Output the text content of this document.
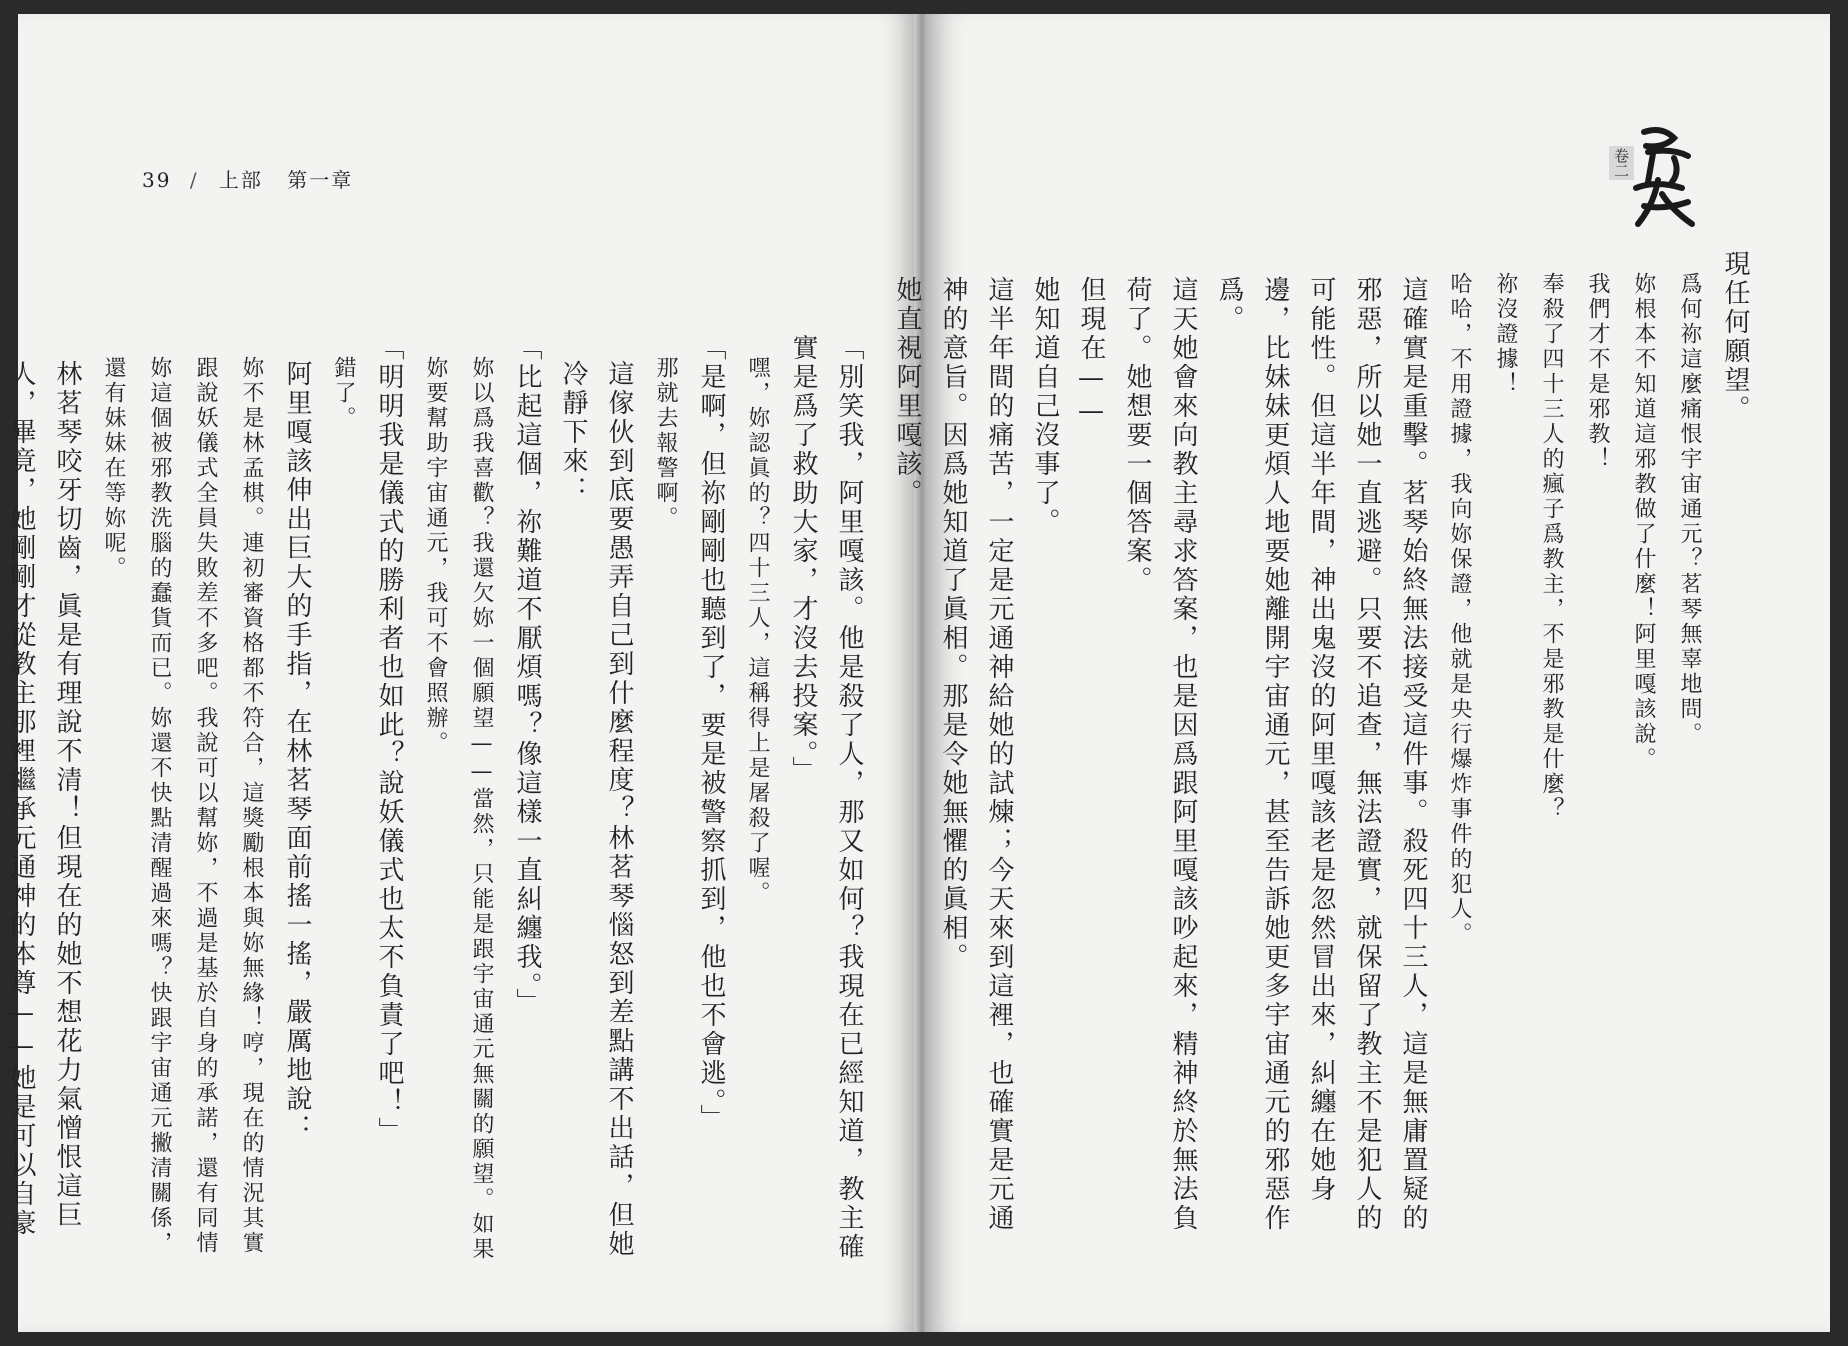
39 / 上部 第一章

「別笑我，阿里嘎該。他是殺了人，那又如何？我現在已經知道，教主確實是爲了救助大家，才沒去投案。」

嘿，妳認眞的？四十三人，這稱得上是屠殺了喔。

「是啊，但祢剛剛也聽到了，要是被警察抓到，他也不會逃。」

那就去報警啊。

這傢伙到底要愚弄自己到什麼程度？林茗琴惱怒到差點講不出話，但她冷靜下來：

「比起這個，祢難道不厭煩嗎？像這樣一直糾纏我。」

妳以爲我喜歡？我還欠妳一個願望——當然，只能是跟宇宙通元無關的願望。如果妳要幫助宇宙通元，我可不會照辦。

「明明我是儀式的勝利者也如此？說妖儀式也太不負責了吧！」

錯了。

阿里嘎該伸出巨大的手指，在林茗琴面前搖一搖，嚴厲地說：

妳不是林孟棋。連初審資格都不符合，這獎勵根本與妳無緣！哼，現在的情況其實跟說妖儀式全員失敗差不多吧。我說可以幫妳，不過是基於自身的承諾，還有同情妳這個被邪教洗腦的蠢貨而已。妳還不快點清醒過來嗎？快跟宇宙通元撇清關係，還有妹妹在等妳呢。

林茗琴咬牙切齒，眞是有理說不清！但現在的她不想花力氣憎恨這巨人，畢竟，她剛剛才從教主那裡繼承元通神的本尊——她是可以自豪

卷二

現任何願望。

爲何祢這麼痛恨宇宙通元？茗琴無辜地問。

妳根本不知道這邪教做了什麼！阿里嘎該說。

我們才不是邪教！

奉殺了四十三人的瘋子爲教主，不是邪教是什麼？

祢沒證據！

哈哈，不用證據，我向妳保證，他就是央行爆炸事件的犯人。

這確實是重擊。茗琴始終無法接受這件事。殺死四十三人，這是無庸置疑的邪惡，所以她一直逃避。只要不追查，無法證實，就保留了教主不是犯人的可能性。但這半年間，神出鬼沒的阿里嘎該老是忽然冒出來，糾纏在她身邊，比妹妹更煩人地要她離開宇宙通元，甚至告訴她更多宇宙通元的邪惡作爲。

這天她會來向教主尋求答案，也是因爲跟阿里嘎該吵起來，精神終於無法負荷了。她想要一個答案。

但現在——

她知道自己沒事了。

這半年間的痛苦，一定是元通神給她的試煉；今天來到這裡，也確實是元通神的意旨。因爲她知道了眞相。那是令她無懼的眞相。

她直視阿里嘎該。
